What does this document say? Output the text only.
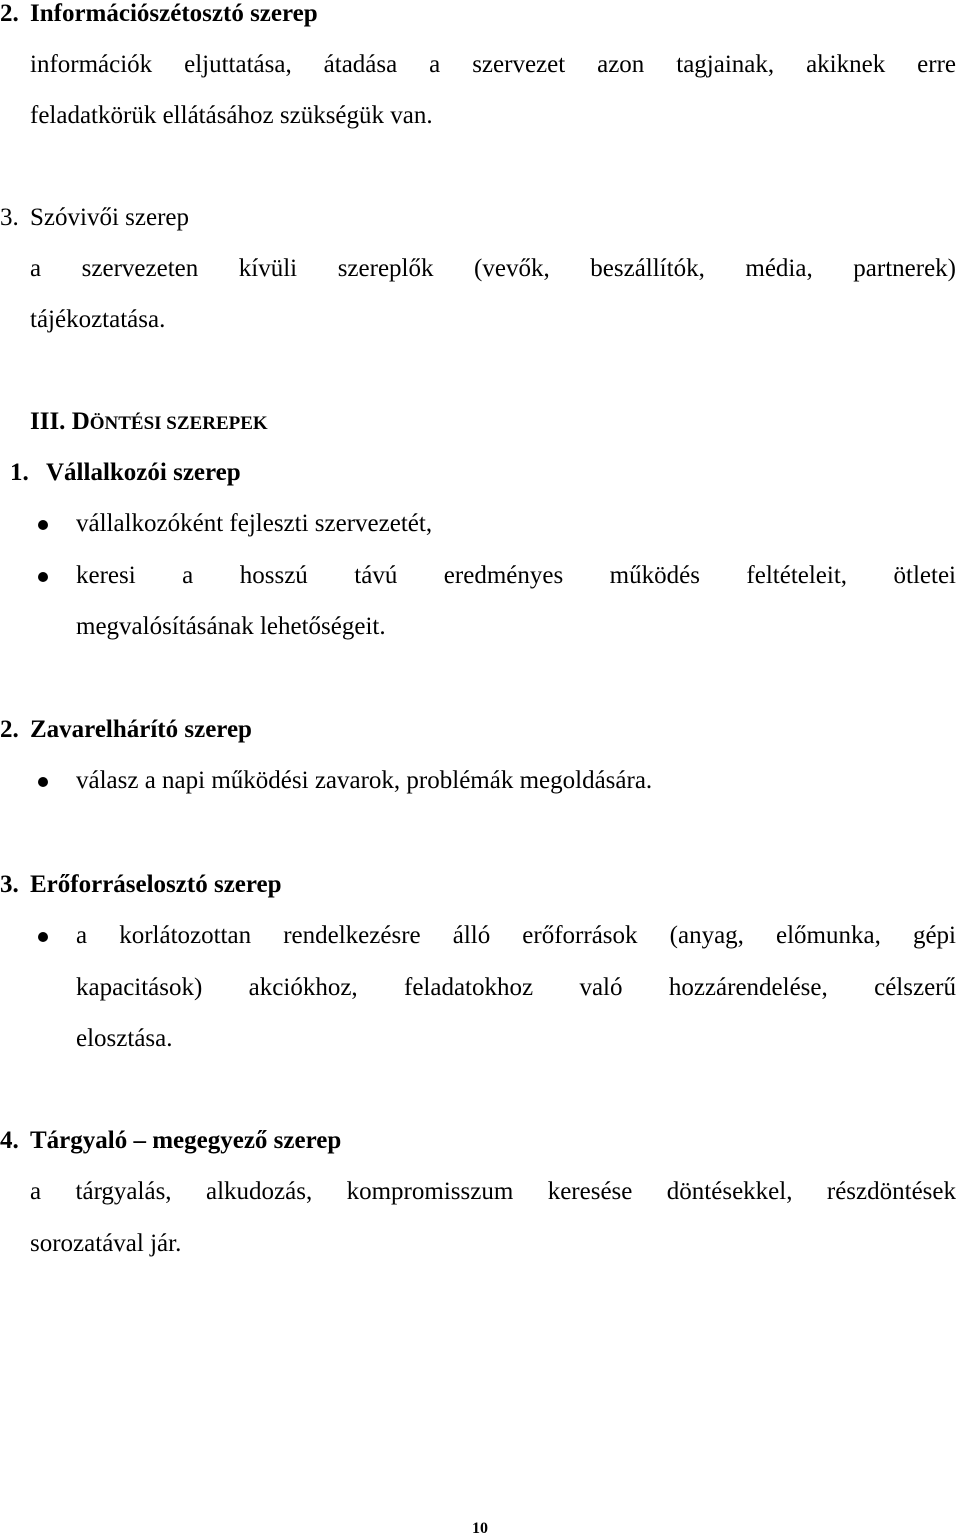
2. Információszétosztó szerep
információk eljuttatása, átadása a szervezet azon tagjainak, akiknek erre
feladatkörük ellátásához szükségük van.
3. Szóvivői szerep
a szervezeten kívüli szereplők (vevők, beszállítók, média, partnerek)
tájékoztatása.
III. DÖNTÉSI SZEREPEK
1. Vállalkozói szerep
vállalkozóként fejleszti szervezetét,
keresi a hosszú távú eredményes működés feltételeit, ötletei
megvalósításának lehetőségeit.
2. Zavarelhárító szerep
válasz a napi működési zavarok, problémák megoldására.
3. Erőforráselosztó szerep
a korlátozottan rendelkezésre álló erőforrások (anyag, előmunka, gépi
kapacitások) akciókhoz, feladatokhoz való hozzárendelése, célszerű
elosztása.
4. Tárgyaló – megegyező szerep
a tárgyalás, alkudozás, kompromisszum keresése döntésekkel, részdöntések
sorozatával jár.
10
